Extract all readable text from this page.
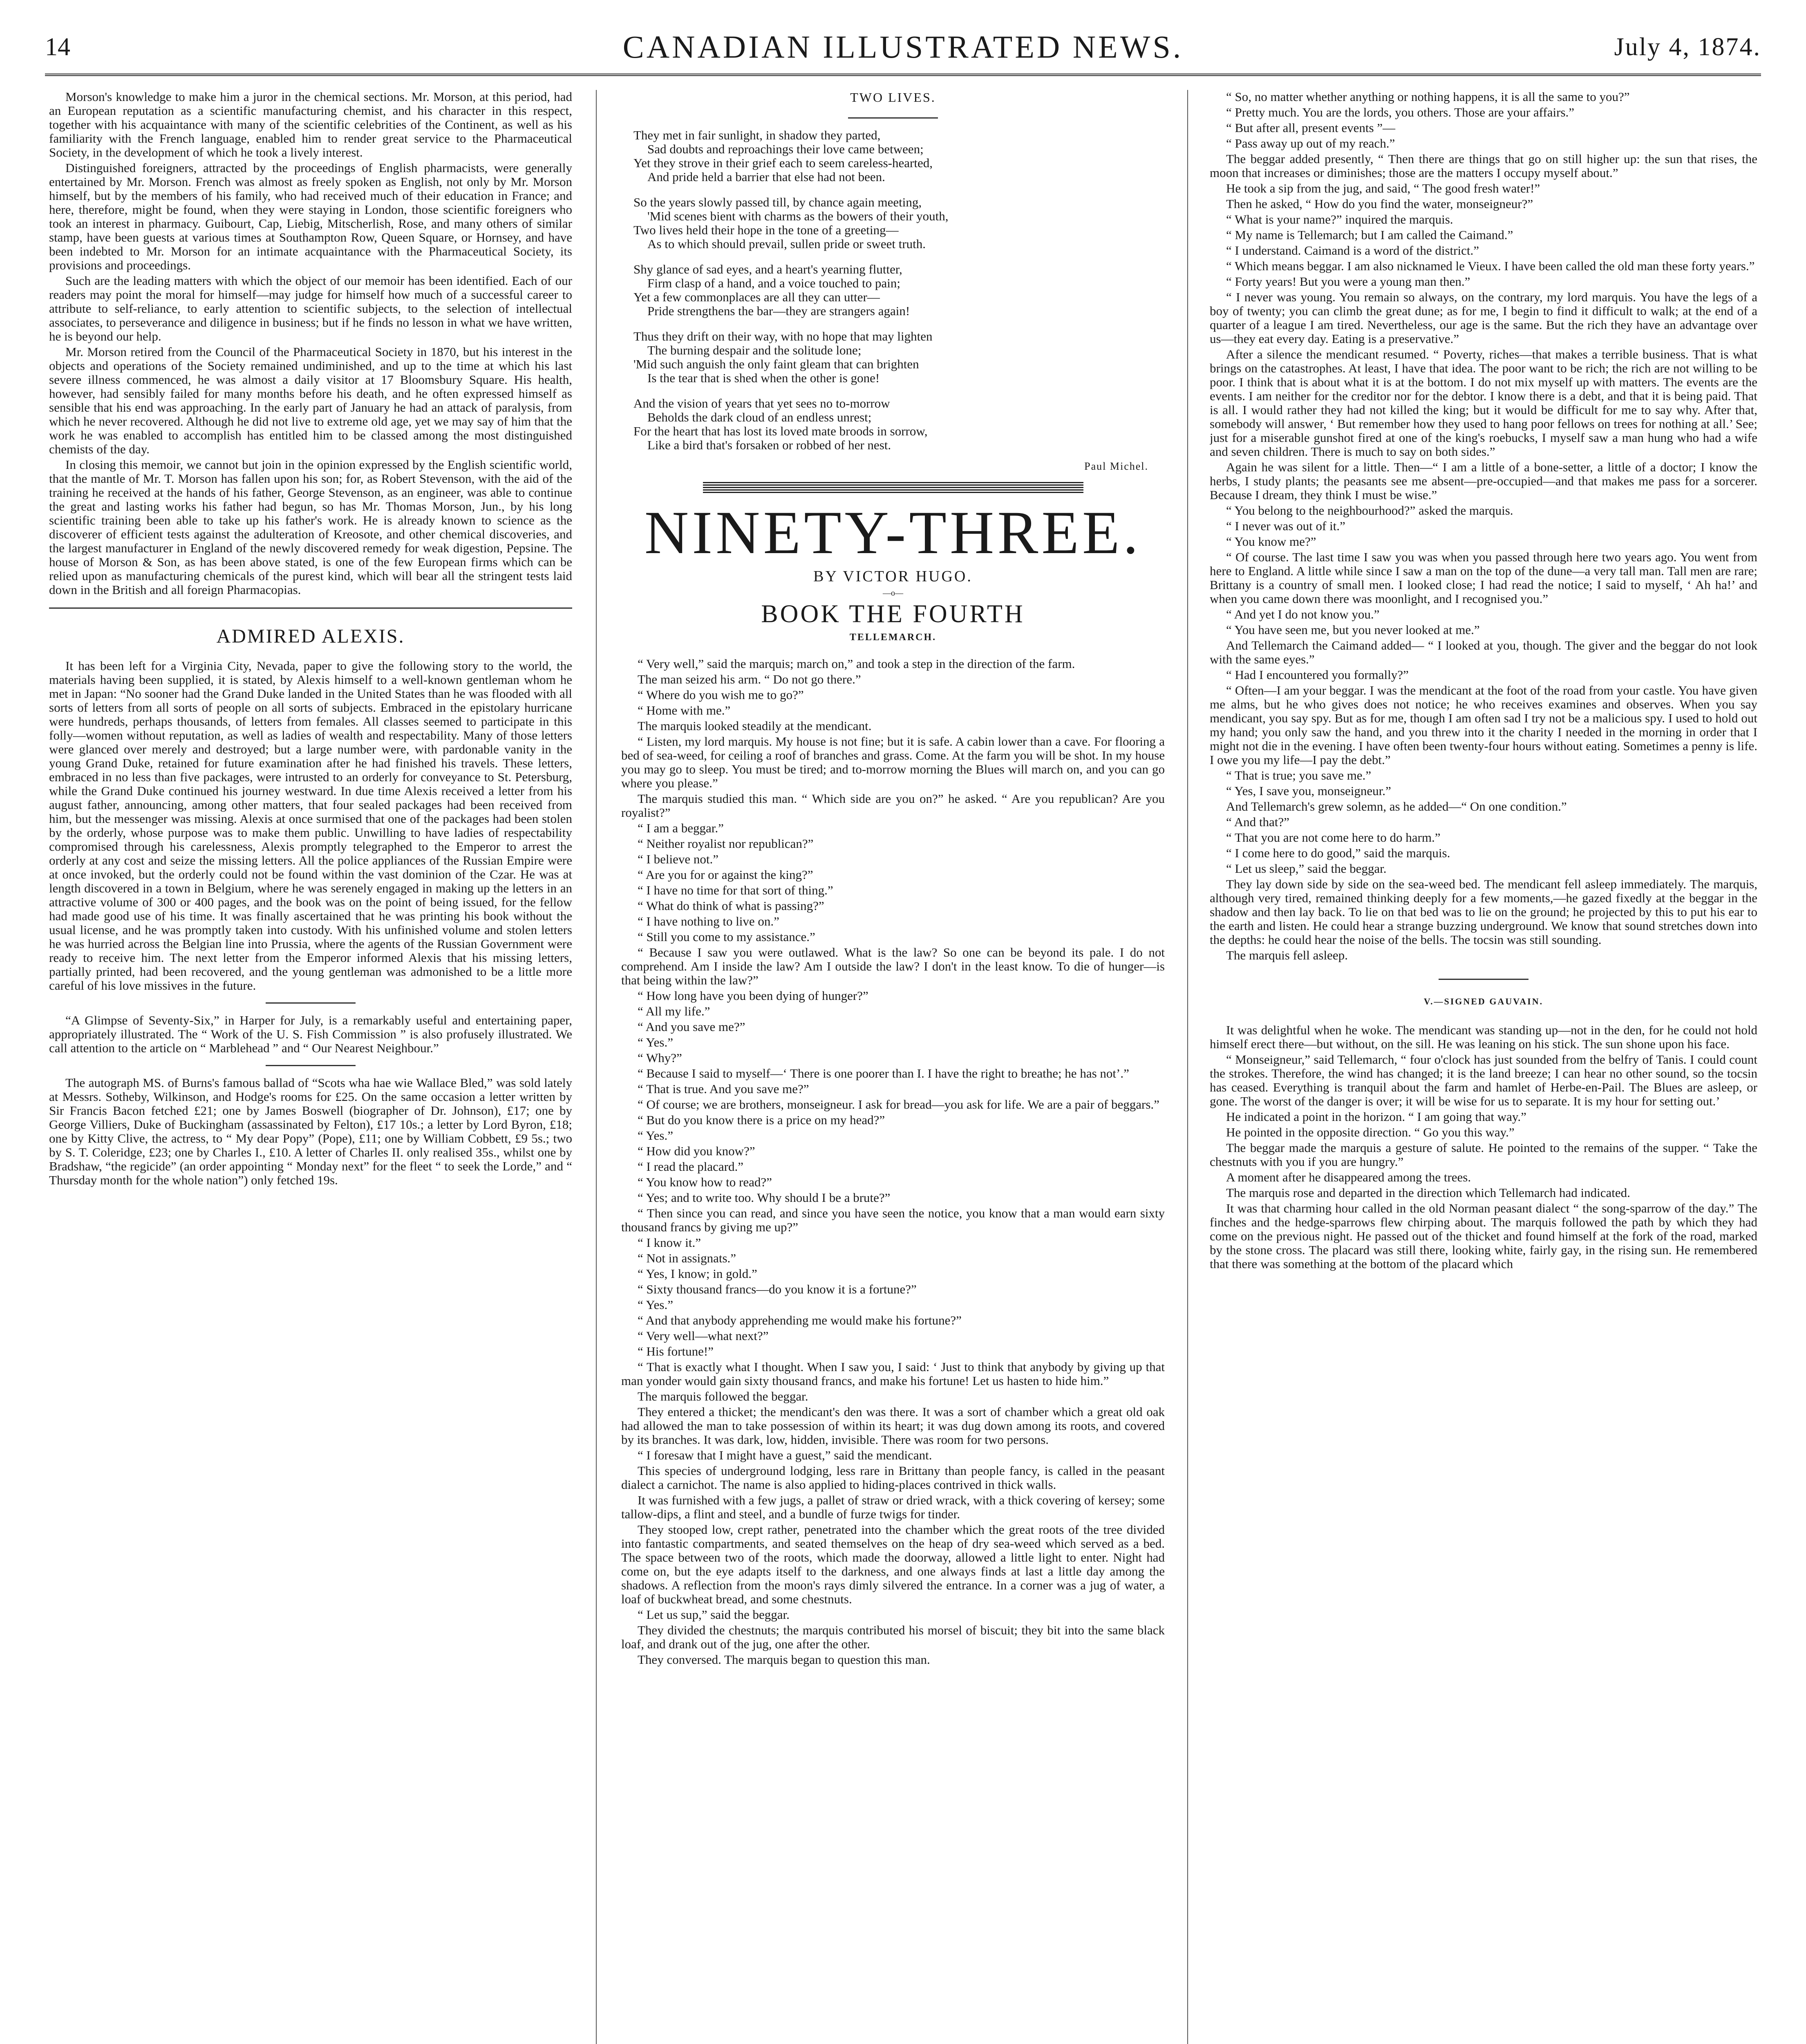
14	CANADIAN ILLUSTRATED NEWS.	July 4, 1874.

Morson's knowledge to make him a juror in the chemical sections. Mr. Morson, at this period, had an European reputation as a scientific manufacturing chemist, and his character in this respect, together with his acquaintance with many of the scientific celebrities of the Continent, as well as his familiarity with the French language, enabled him to render great service to the Pharmaceutical Society, in the development of which he took a lively interest.

Distinguished foreigners, attracted by the proceedings of English pharmacists, were generally entertained by Mr. Morson. French was almost as freely spoken as English, not only by Mr. Morson himself, but by the members of his family, who had received much of their education in France; and here, therefore, might be found, when they were staying in London, those scientific foreigners who took an interest in pharmacy. Guibourt, Cap, Liebig, Mitscherlish, Rose, and many others of similar stamp, have been guests at various times at Southampton Row, Queen Square, or Hornsey, and have been indebted to Mr. Morson for an intimate acquaintance with the Pharmaceutical Society, its provisions and proceedings.

Such are the leading matters with which the object of our memoir has been identified. Each of our readers may point the moral for himself—may judge for himself how much of a successful career to attribute to self-reliance, to early attention to scientific subjects, to the selection of intellectual associates, to perseverance and diligence in business; but if he finds no lesson in what we have written, he is beyond our help.

Mr. Morson retired from the Council of the Pharmaceutical Society in 1870, but his interest in the objects and operations of the Society remained undiminished, and up to the time at which his last severe illness commenced, he was almost a daily visitor at 17 Bloomsbury Square. His health, however, had sensibly failed for many months before his death, and he often expressed himself as sensible that his end was approaching. In the early part of January he had an attack of paralysis, from which he never recovered. Although he did not live to extreme old age, yet we may say of him that the work he was enabled to accomplish has entitled him to be classed among the most distinguished chemists of the day.

In closing this memoir, we cannot but join in the opinion expressed by the English scientific world, that the mantle of Mr. T. Morson has fallen upon his son; for, as Robert Stevenson, with the aid of the training he received at the hands of his father, George Stevenson, as an engineer, was able to continue the great and lasting works his father had begun, so has Mr. Thomas Morson, Jun., by his long scientific training been able to take up his father's work. He is already known to science as the discoverer of efficient tests against the adulteration of Kreosote, and other chemical discoveries, and the largest manufacturer in England of the newly discovered remedy for weak digestion, Pepsine. The house of Morson & Son, as has been above stated, is one of the few European firms which can be relied upon as manufacturing chemicals of the purest kind, which will bear all the stringent tests laid down in the British and all foreign Pharmacopias.

ADMIRED ALEXIS.

It has been left for a Virginia City, Nevada, paper to give the following story to the world, the materials having been supplied, it is stated, by Alexis himself to a well-known gentleman whom he met in Japan: “No sooner had the Grand Duke landed in the United States than he was flooded with all sorts of letters from all sorts of people on all sorts of subjects. Embraced in the epistolary hurricane were hundreds, perhaps thousands, of letters from females. All classes seemed to participate in this folly—women without reputation, as well as ladies of wealth and respectability. Many of those letters were glanced over merely and destroyed; but a large number were, with pardonable vanity in the young Grand Duke, retained for future examination after he had finished his travels. These letters, embraced in no less than five packages, were intrusted to an orderly for conveyance to St. Petersburg, while the Grand Duke continued his journey westward. In due time Alexis received a letter from his august father, announcing, among other matters, that four sealed packages had been received from him, but the messenger was missing. Alexis at once surmised that one of the packages had been stolen by the orderly, whose purpose was to make them public. Unwilling to have ladies of respectability compromised through his carelessness, Alexis promptly telegraphed to the Emperor to arrest the orderly at any cost and seize the missing letters. All the police appliances of the Russian Empire were at once invoked, but the orderly could not be found within the vast dominion of the Czar. He was at length discovered in a town in Belgium, where he was serenely engaged in making up the letters in an attractive volume of 300 or 400 pages, and the book was on the point of being issued, for the fellow had made good use of his time. It was finally ascertained that he was printing his book without the usual license, and he was promptly taken into custody. With his unfinished volume and stolen letters he was hurried across the Belgian line into Prussia, where the agents of the Russian Government were ready to receive him. The next letter from the Emperor informed Alexis that his missing letters, partially printed, had been recovered, and the young gentleman was admonished to be a little more careful of his love missives in the future.

“A Glimpse of Seventy-Six,” in Harper for July, is a remarkably useful and entertaining paper, appropriately illustrated. The “ Work of the U. S. Fish Commission ” is also profusely illustrated. We call attention to the article on “ Marblehead ” and “ Our Nearest Neighbour.”

The autograph MS. of Burns's famous ballad of “Scots wha hae wie Wallace Bled,” was sold lately at Messrs. Sotheby, Wilkinson, and Hodge's rooms for £25. On the same occasion a letter written by Sir Francis Bacon fetched £21; one by James Boswell (biographer of Dr. Johnson), £17; one by George Villiers, Duke of Buckingham (assassinated by Felton), £17 10s.; a letter by Lord Byron, £18; one by Kitty Clive, the actress, to “ My dear Popy” (Pope), £11; one by William Cobbett, £9 5s.; two by S. T. Coleridge, £23; one by Charles I., £10. A letter of Charles II. only realised 35s., whilst one by Bradshaw, “the regicide” (an order appointing “ Monday next” for the fleet “ to seek the Lorde,” and “ Thursday month for the whole nation”) only fetched 19s.

TWO LIVES.
They met in fair sunlight, in shadow they parted,
Sad doubts and reproachings their love came between;
Yet they strove in their grief each to seem careless-hearted,
And pride held a barrier that else had not been.
So the years slowly passed till, by chance again meeting,
'Mid scenes bient with charms as the bowers of their youth,
Two lives held their hope in the tone of a greeting—
As to which should prevail, sullen pride or sweet truth.
Shy glance of sad eyes, and a heart's yearning flutter,
Firm clasp of a hand, and a voice touched to pain;
Yet a few commonplaces are all they can utter—
Pride strengthens the bar—they are strangers again!
Thus they drift on their way, with no hope that may lighten
The burning despair and the solitude lone;
'Mid such anguish the only faint gleam that can brighten
Is the tear that is shed when the other is gone!
And the vision of years that yet sees no to-morrow
Beholds the dark cloud of an endless unrest;
For the heart that has lost its loved mate broods in sorrow,
Like a bird that's forsaken or robbed of her nest.
Paul Michel.
NINETY-THREE.
BY VICTOR HUGO.
—o—
BOOK THE FOURTH
TELLEMARCH.

“ Very well,” said the marquis; march on,” and took a step in the direction of the farm.

The man seized his arm. “ Do not go there.”

“ Where do you wish me to go?”

“ Home with me.”

The marquis looked steadily at the mendicant.

“ Listen, my lord marquis. My house is not fine; but it is safe. A cabin lower than a cave. For flooring a bed of sea-weed, for ceiling a roof of branches and grass. Come. At the farm you will be shot. In my house you may go to sleep. You must be tired; and to-morrow morning the Blues will march on, and you can go where you please.”

The marquis studied this man. “ Which side are you on?” he asked. “ Are you republican? Are you royalist?”

“ I am a beggar.”

“ Neither royalist nor republican?”

“ I believe not.”

“ Are you for or against the king?”

“ I have no time for that sort of thing.”

“ What do think of what is passing?”

“ I have nothing to live on.”

“ Still you come to my assistance.”

“ Because I saw you were outlawed. What is the law? So one can be beyond its pale. I do not comprehend. Am I inside the law? Am I outside the law? I don't in the least know. To die of hunger—is that being within the law?”

“ How long have you been dying of hunger?”

“ All my life.”

“ And you save me?”

“ Yes.”

“ Why?”

“ Because I said to myself—‘ There is one poorer than I. I have the right to breathe; he has not’.”

“ That is true. And you save me?”

“ Of course; we are brothers, monseigneur. I ask for bread—you ask for life. We are a pair of beggars.”

“ But do you know there is a price on my head?”

“ Yes.”

“ How did you know?”

“ I read the placard.”

“ You know how to read?”

“ Yes; and to write too. Why should I be a brute?”

“ Then since you can read, and since you have seen the notice, you know that a man would earn sixty thousand francs by giving me up?”

“ I know it.”

“ Not in assignats.”

“ Yes, I know; in gold.”

“ Sixty thousand francs—do you know it is a fortune?”

“ Yes.”

“ And that anybody apprehending me would make his fortune?”

“ Very well—what next?”

“ His fortune!”

“ That is exactly what I thought. When I saw you, I said: ‘ Just to think that anybody by giving up that man yonder would gain sixty thousand francs, and make his fortune! Let us hasten to hide him.”

The marquis followed the beggar.

They entered a thicket; the mendicant's den was there. It was a sort of chamber which a great old oak had allowed the man to take possession of within its heart; it was dug down among its roots, and covered by its branches. It was dark, low, hidden, invisible. There was room for two persons.

“ I foresaw that I might have a guest,” said the mendicant.

This species of underground lodging, less rare in Brittany than people fancy, is called in the peasant dialect a carnichot. The name is also applied to hiding-places contrived in thick walls.

It was furnished with a few jugs, a pallet of straw or dried wrack, with a thick covering of kersey; some tallow-dips, a flint and steel, and a bundle of furze twigs for tinder.

They stooped low, crept rather, penetrated into the chamber which the great roots of the tree divided into fantastic compartments, and seated themselves on the heap of dry sea-weed which served as a bed. The space between two of the roots, which made the doorway, allowed a little light to enter. Night had come on, but the eye adapts itself to the darkness, and one always finds at last a little day among the shadows. A reflection from the moon's rays dimly silvered the entrance. In a corner was a jug of water, a loaf of buckwheat bread, and some chestnuts.

“ Let us sup,” said the beggar.

They divided the chestnuts; the marquis contributed his morsel of biscuit; they bit into the same black loaf, and drank out of the jug, one after the other.

They conversed. The marquis began to question this man.

“ So, no matter whether anything or nothing happens, it is all the same to you?”

“ Pretty much. You are the lords, you others. Those are your affairs.”

“ But after all, present events ”—

“ Pass away up out of my reach.”

The beggar added presently, “ Then there are things that go on still higher up: the sun that rises, the moon that increases or diminishes; those are the matters I occupy myself about.”

He took a sip from the jug, and said, “ The good fresh water!”

Then he asked, “ How do you find the water, monseigneur?”

“ What is your name?” inquired the marquis.

“ My name is Tellemarch; but I am called the Caimand.”

“ I understand. Caimand is a word of the district.”

“ Which means beggar. I am also nicknamed le Vieux. I have been called the old man these forty years.”

“ Forty years! But you were a young man then.”

“ I never was young. You remain so always, on the contrary, my lord marquis. You have the legs of a boy of twenty; you can climb the great dune; as for me, I begin to find it difficult to walk; at the end of a quarter of a league I am tired. Nevertheless, our age is the same. But the rich they have an advantage over us—they eat every day. Eating is a preservative.”

After a silence the mendicant resumed. “ Poverty, riches—that makes a terrible business. That is what brings on the catastrophes. At least, I have that idea. The poor want to be rich; the rich are not willing to be poor. I think that is about what it is at the bottom. I do not mix myself up with matters. The events are the events. I am neither for the creditor nor for the debtor. I know there is a debt, and that it is being paid. That is all. I would rather they had not killed the king; but it would be difficult for me to say why. After that, somebody will answer, ‘ But remember how they used to hang poor fellows on trees for nothing at all.’ See; just for a miserable gunshot fired at one of the king's roebucks, I myself saw a man hung who had a wife and seven children. There is much to say on both sides.”

Again he was silent for a little. Then—“ I am a little of a bone-setter, a little of a doctor; I know the herbs, I study plants; the peasants see me absent—pre-occupied—and that makes me pass for a sorcerer. Because I dream, they think I must be wise.”

“ You belong to the neighbourhood?” asked the marquis.

“ I never was out of it.”

“ You know me?”

“ Of course. The last time I saw you was when you passed through here two years ago. You went from here to England. A little while since I saw a man on the top of the dune—a very tall man. Tall men are rare; Brittany is a country of small men. I looked close; I had read the notice; I said to myself, ‘ Ah ha!’ and when you came down there was moonlight, and I recognised you.”

“ And yet I do not know you.”

“ You have seen me, but you never looked at me.”

And Tellemarch the Caimand added— “ I looked at you, though. The giver and the beggar do not look with the same eyes.”

“ Had I encountered you formally?”

“ Often—I am your beggar. I was the mendicant at the foot of the road from your castle. You have given me alms, but he who gives does not notice; he who receives examines and observes. When you say mendicant, you say spy. But as for me, though I am often sad I try not be a malicious spy. I used to hold out my hand; you only saw the hand, and you threw into it the charity I needed in the morning in order that I might not die in the evening. I have often been twenty-four hours without eating. Sometimes a penny is life. I owe you my life—I pay the debt.”

“ That is true; you save me.”

“ Yes, I save you, monseigneur.”

And Tellemarch's grew solemn, as he added—“ On one condition.”

“ And that?”

“ That you are not come here to do harm.”

“ I come here to do good,” said the marquis.

“ Let us sleep,” said the beggar.

They lay down side by side on the sea-weed bed. The mendicant fell asleep immediately. The marquis, although very tired, remained thinking deeply for a few moments,—he gazed fixedly at the beggar in the shadow and then lay back. To lie on that bed was to lie on the ground; he projected by this to put his ear to the earth and listen. He could hear a strange buzzing underground. We know that sound stretches down into the depths: he could hear the noise of the bells. The tocsin was still sounding.

The marquis fell asleep.

V.—SIGNED GAUVAIN.

It was delightful when he woke. The mendicant was standing up—not in the den, for he could not hold himself erect there—but without, on the sill. He was leaning on his stick. The sun shone upon his face.

“ Monseigneur,” said Tellemarch, “ four o'clock has just sounded from the belfry of Tanis. I could count the strokes. Therefore, the wind has changed; it is the land breeze; I can hear no other sound, so the tocsin has ceased. Everything is tranquil about the farm and hamlet of Herbe-en-Pail. The Blues are asleep, or gone. The worst of the danger is over; it will be wise for us to separate. It is my hour for setting out.’

He indicated a point in the horizon. “ I am going that way.”

He pointed in the opposite direction. “ Go you this way.”

The beggar made the marquis a gesture of salute. He pointed to the remains of the supper. “ Take the chestnuts with you if you are hungry.”

A moment after he disappeared among the trees.

The marquis rose and departed in the direction which Tellemarch had indicated.

It was that charming hour called in the old Norman peasant dialect “ the song-sparrow of the day.” The finches and the hedge-sparrows flew chirping about. The marquis followed the path by which they had come on the previous night. He passed out of the thicket and found himself at the fork of the road, marked by the stone cross. The placard was still there, looking white, fairly gay, in the rising sun. He remembered that there was something at the bottom of the placard which
